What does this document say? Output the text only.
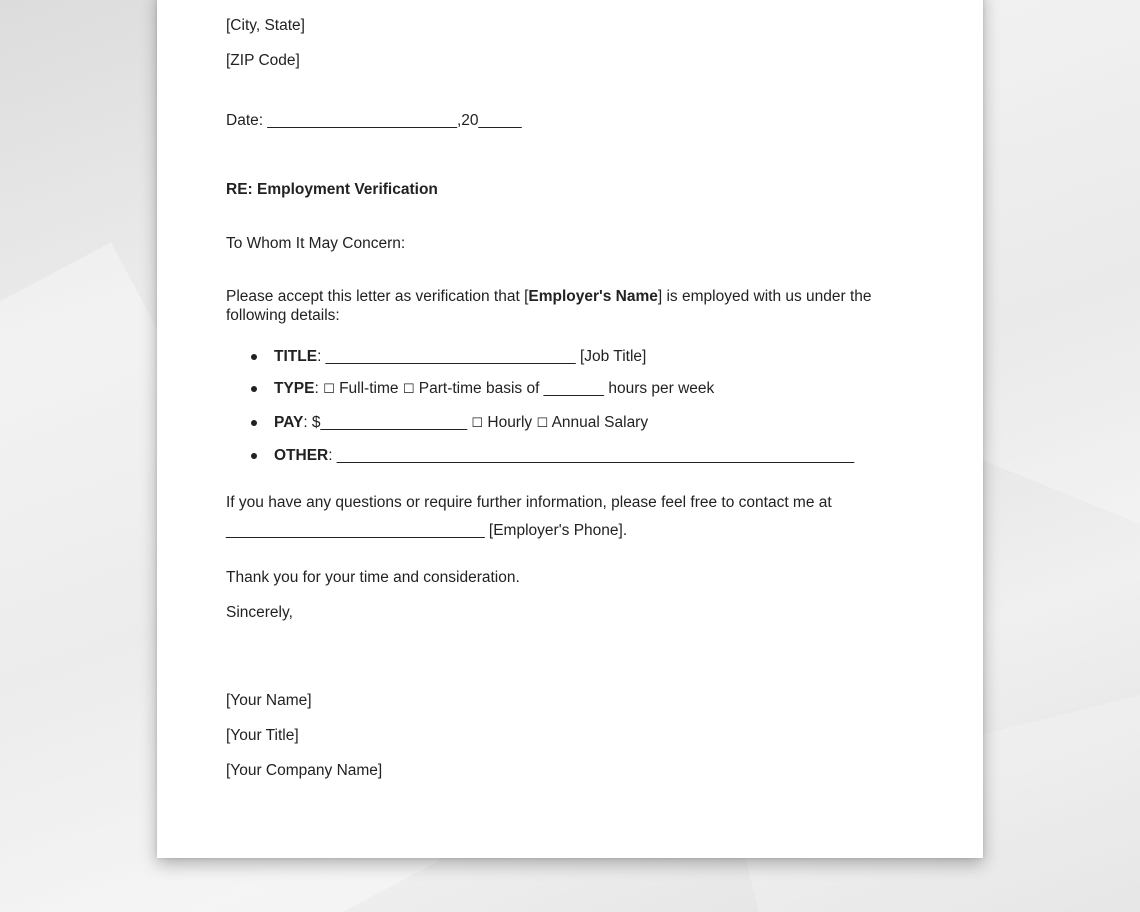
[City, State]
[ZIP Code]
Date: ______________________,20_____
RE: Employment Verification
To Whom It May Concern:
Please accept this letter as verification that [Employer's Name] is employed with us under the following details:
TITLE: _____________________________ [Job Title]
TYPE: ☐ Full-time ☐ Part-time basis of _______ hours per week
PAY: $_________________ ☐ Hourly ☐ Annual Salary
OTHER: ____________________________________________________________
If you have any questions or require further information, please feel free to contact me at
______________________________ [Employer's Phone].
Thank you for your time and consideration.
Sincerely,
[Your Name]
[Your Title]
[Your Company Name]
